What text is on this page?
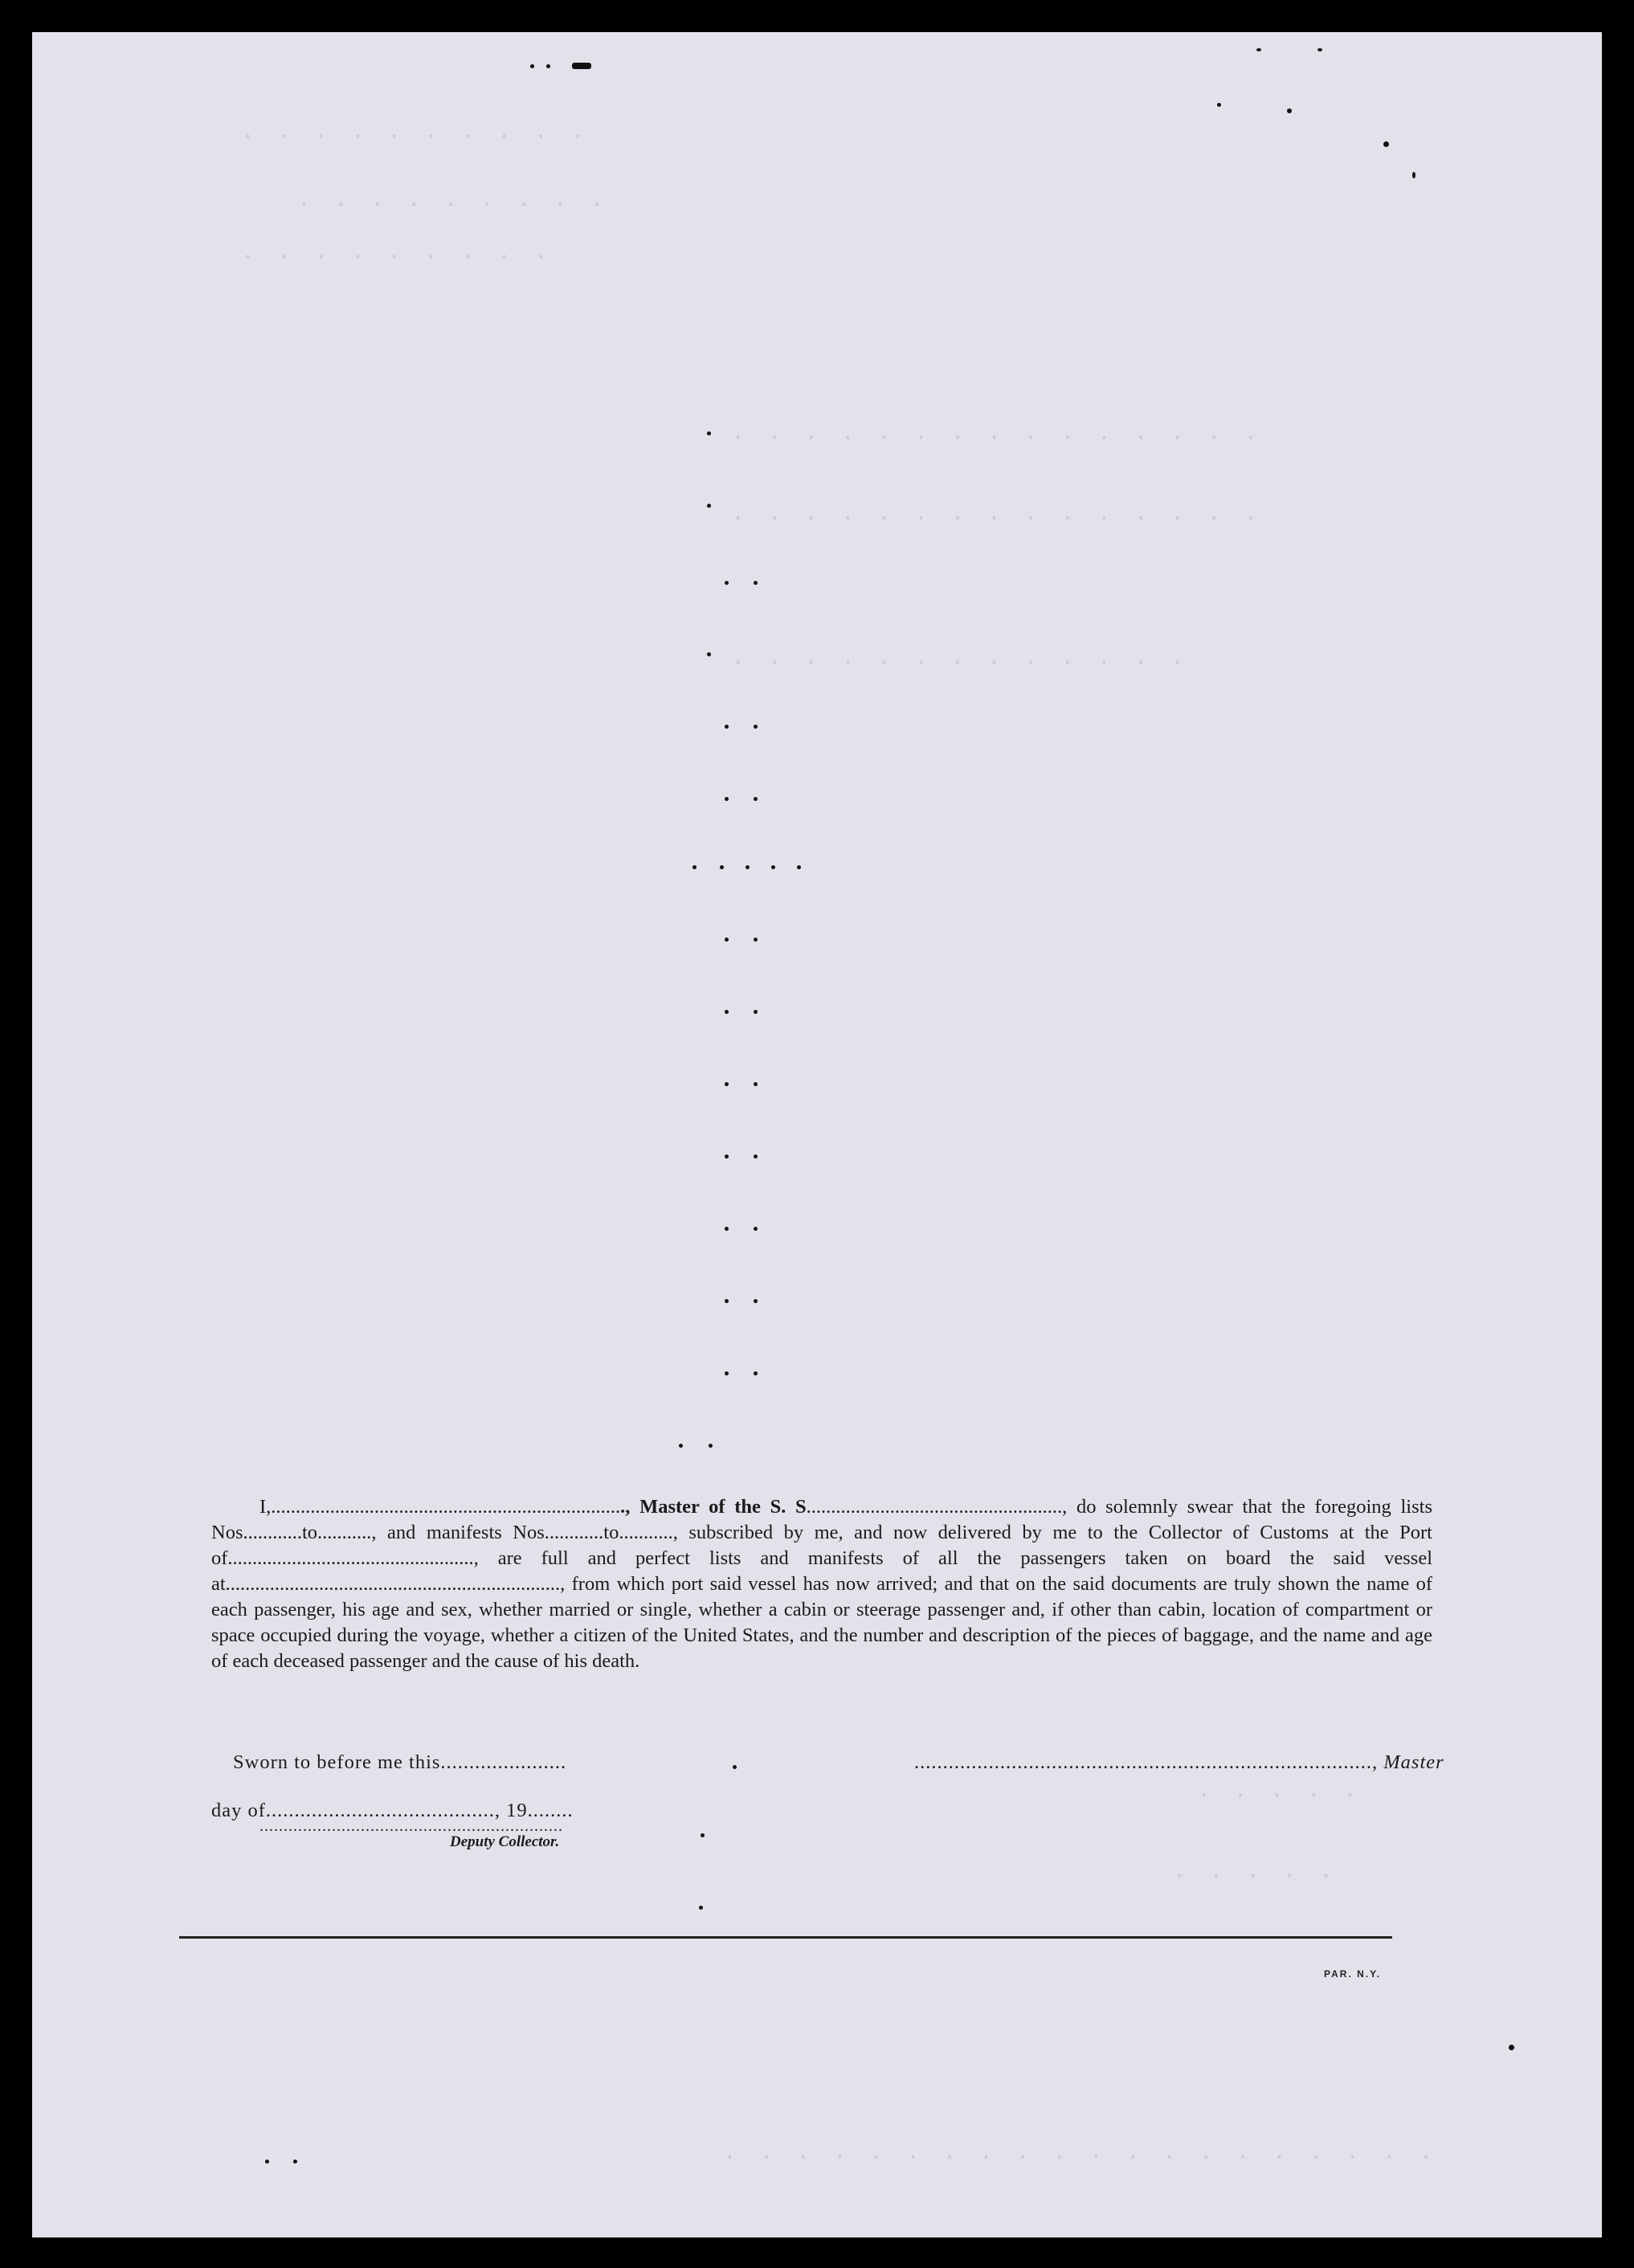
· · · · · · · · · ·
· · · · · · · · ·
· · · · · · · · ·
· · · · · · · · · · · · · · ·
· · · · · · · · · · · · · · ·
· · · · · · · · · · · · ·
· · · · ·
· · · · ·
· · · · · · · · · · · · · · · · · · · ·

I,........................................................................, Master of the S. S...................................................., do solemnly swear that the foregoing lists Nos............to..........., and manifests Nos............to..........., subscribed by me, and now delivered by me to the Collector of Customs at the Port of.................................................., are full and perfect lists and manifests of all the passengers taken on board the said vessel at...................................................................., from which port said vessel has now arrived; and that on the said documents are truly shown the name of each passenger, his age and sex, whether married or single, whether a cabin or steerage passenger and, if other than cabin, location of compartment or space occupied during the voyage, whether a citizen of the United States, and the number and description of the pieces of baggage, and the name and age of each deceased passenger and the cause of his death.

Sworn to before me this......................	................................................................................, Master
day of........................................, 19........
...............................................................
Deputy Collector.
PAR. N.Y.
